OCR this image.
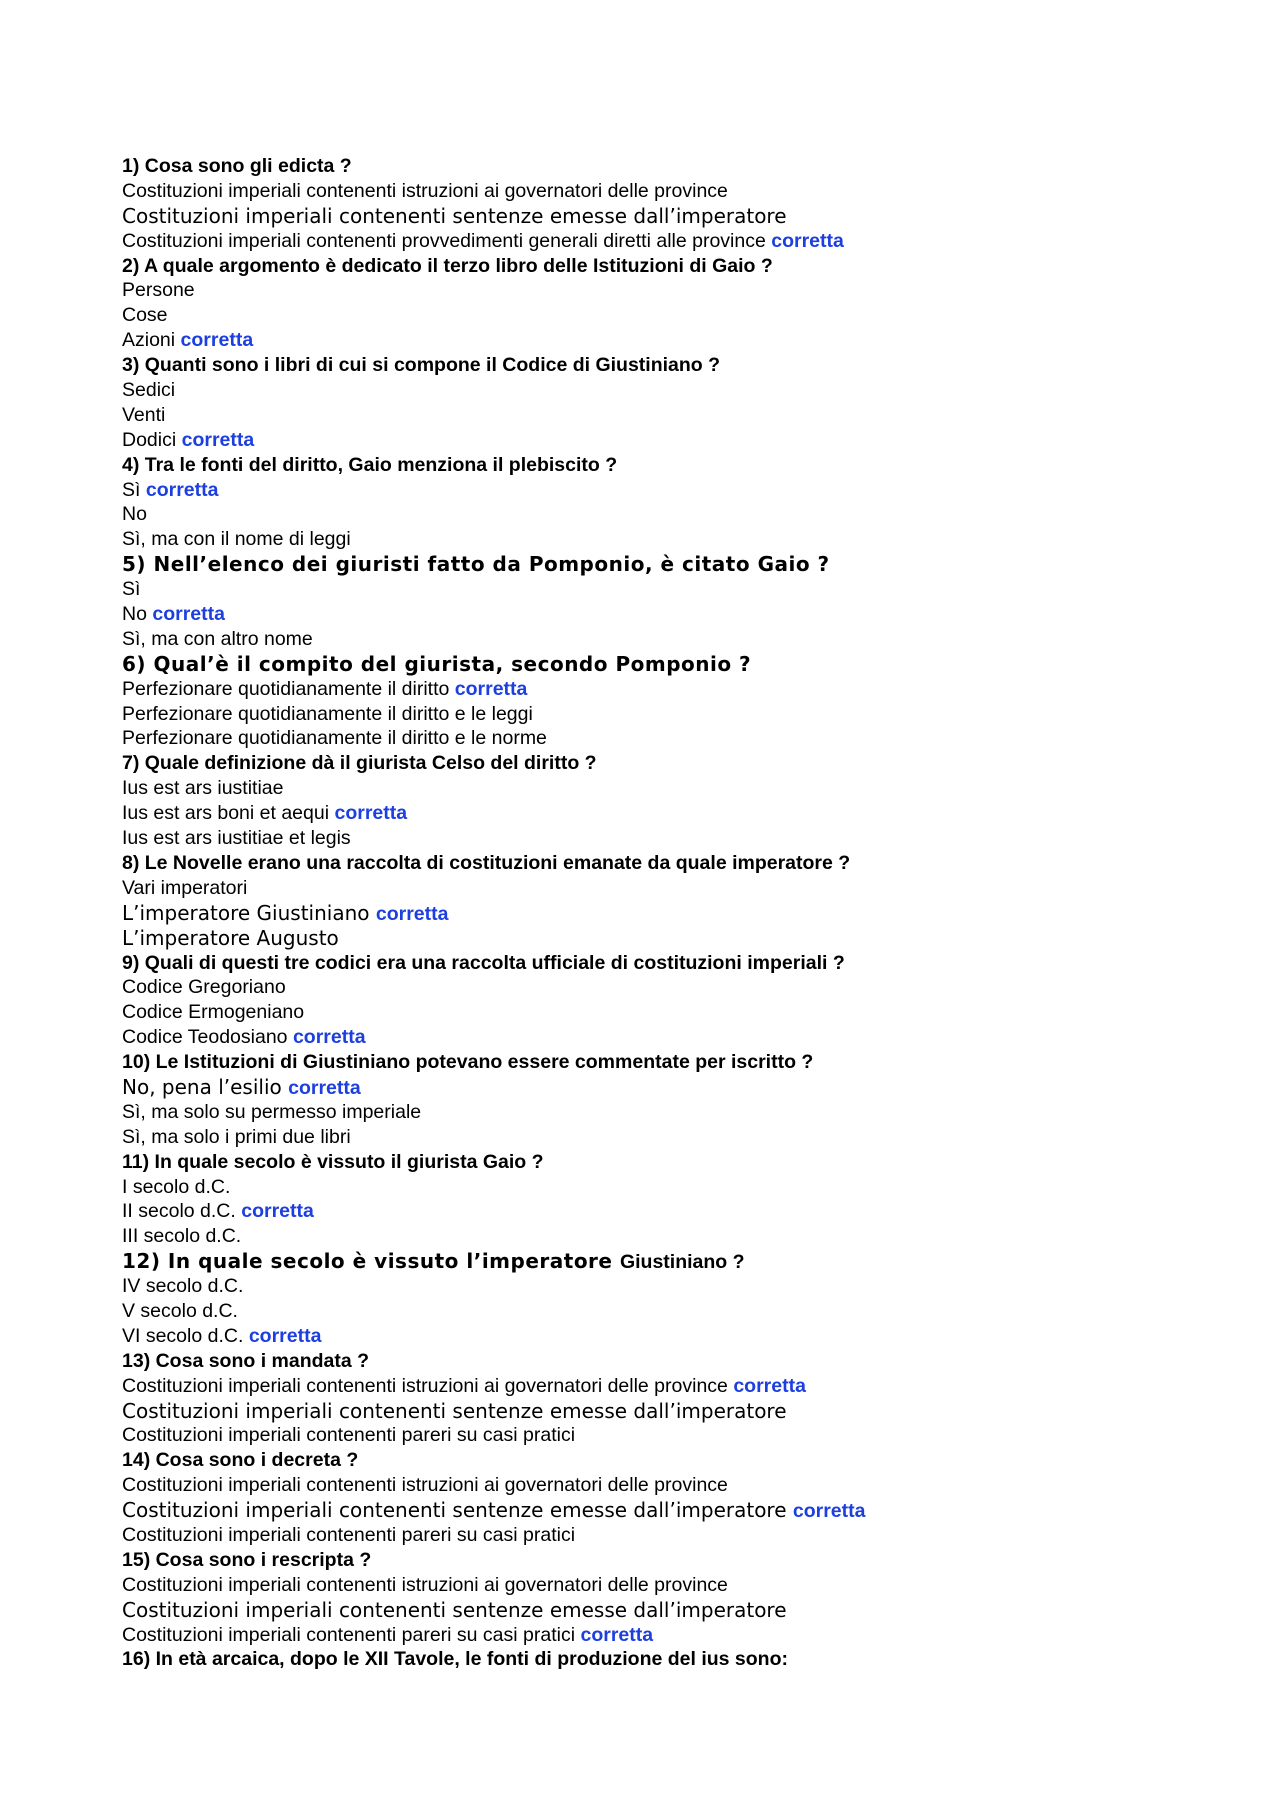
1) Cosa sono gli edicta ?
Costituzioni imperiali contenenti istruzioni ai governatori delle province
Costituzioni imperiali contenenti sentenze emesse dall’imperatore
Costituzioni imperiali contenenti provvedimenti generali diretti alle province corretta
2) A quale argomento è dedicato il terzo libro delle Istituzioni di Gaio ?
Persone
Cose
Azioni corretta
3) Quanti sono i libri di cui si compone il Codice di Giustiniano ?
Sedici
Venti
Dodici corretta
4) Tra le fonti del diritto, Gaio menziona il plebiscito ?
Sì corretta
No
Sì, ma con il nome di leggi
5) Nell’elenco dei giuristi fatto da Pomponio, è citato Gaio ?
Sì
No corretta
Sì, ma con altro nome
6) Qual’è il compito del giurista, secondo Pomponio ?
Perfezionare quotidianamente il diritto corretta
Perfezionare quotidianamente il diritto e le leggi
Perfezionare quotidianamente il diritto e le norme
7) Quale definizione dà il giurista Celso del diritto ?
Ius est ars iustitiae
Ius est ars boni et aequi corretta
Ius est ars iustitiae et legis
8) Le Novelle erano una raccolta di costituzioni emanate da quale imperatore ?
Vari imperatori
L’imperatore Giustiniano corretta
L’imperatore Augusto
9) Quali di questi tre codici era una raccolta ufficiale di costituzioni imperiali ?
Codice Gregoriano
Codice Ermogeniano
Codice Teodosiano corretta
10) Le Istituzioni di Giustiniano potevano essere commentate per iscritto ?
No, pena l’esilio corretta
Sì, ma solo su permesso imperiale
Sì, ma solo i primi due libri
11) In quale secolo è vissuto il giurista Gaio ?
I secolo d.C.
II secolo d.C. corretta
III secolo d.C.
12) In quale secolo è vissuto l’imperatore Giustiniano ?
IV secolo d.C.
V secolo d.C.
VI secolo d.C. corretta
13) Cosa sono i mandata ?
Costituzioni imperiali contenenti istruzioni ai governatori delle province corretta
Costituzioni imperiali contenenti sentenze emesse dall’imperatore
Costituzioni imperiali contenenti pareri su casi pratici
14) Cosa sono i decreta ?
Costituzioni imperiali contenenti istruzioni ai governatori delle province
Costituzioni imperiali contenenti sentenze emesse dall’imperatore corretta
Costituzioni imperiali contenenti pareri su casi pratici
15) Cosa sono i rescripta ?
Costituzioni imperiali contenenti istruzioni ai governatori delle province
Costituzioni imperiali contenenti sentenze emesse dall’imperatore
Costituzioni imperiali contenenti pareri su casi pratici corretta
16) In età arcaica, dopo le XII Tavole, le fonti di produzione del ius sono:
